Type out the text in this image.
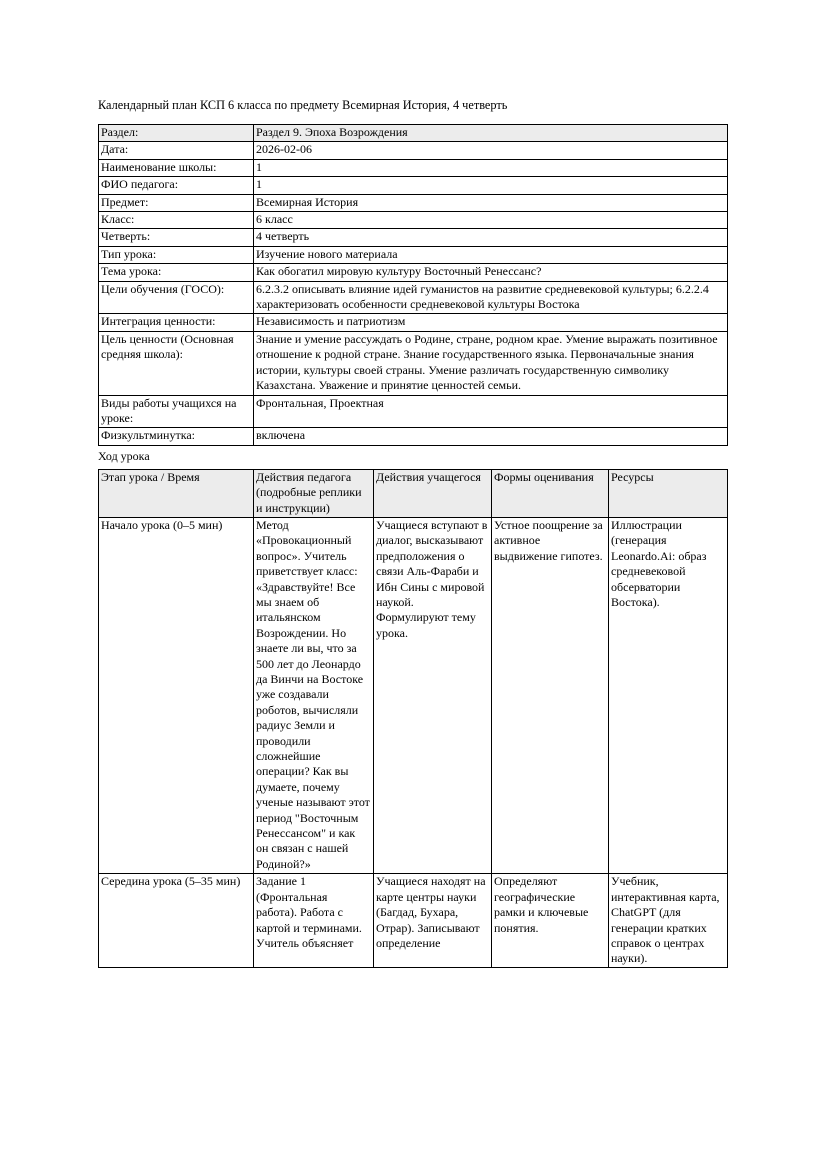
Календарный план КСП 6 класса по предмету Всемирная История, 4 четверть

Раздел:	Раздел 9. Эпоха Возрождения
Дата:	2026-02-06
Наименование школы:	1
ФИО педагога:	1
Предмет:	Всемирная История
Класс:	6 класс
Четверть:	4 четверть
Тип урока:	Изучение нового материала
Тема урока:	Как обогатил мировую культуру Восточный Ренессанс?
Цели обучения (ГОСО):	6.2.3.2 описывать влияние идей гуманистов на развитие средневековой культуры; 6.2.2.4 характеризовать особенности средневековой культуры Востока
Интеграция ценности:	Независимость и патриотизм
Цель ценности (Основная средняя школа):	Знание и умение рассуждать о Родине, стране, родном крае. Умение выражать позитивное отношение к родной стране. Знание государственного языка. Первоначальные знания истории, культуры своей страны. Умение различать государственную символику Казахстана. Уважение и принятие ценностей семьи.
Виды работы учащихся на уроке:	Фронтальная, Проектная
Физкультминутка:	включена

Ход урока

Этап урока / Время	Действия педагога (подробные реплики и инструкции)	Действия учащегося	Формы оценивания	Ресурсы
Начало урока (0–5 мин)	Метод «Провокационный вопрос». Учитель приветствует класс: «Здравствуйте! Все мы знаем об итальянском Возрождении. Но знаете ли вы, что за 500 лет до Леонардо да Винчи на Востоке уже создавали роботов, вычисляли радиус Земли и проводили сложнейшие операции? Как вы думаете, почему ученые называют этот период "Восточным Ренессансом" и как он связан с нашей Родиной?»	Учащиеся вступают в диалог, высказывают предположения о связи Аль-Фараби и Ибн Сины с мировой наукой. Формулируют тему урока.	Устное поощрение за активное выдвижение гипотез.	Иллюстрации (генерация Leonardo.Ai: образ средневековой обсерватории Востока).

Середина урока (5–35 мин)	Задание 1 (Фронтальная работа). Работа с картой и терминами. Учитель объясняет	Учащиеся находят на карте центры науки (Багдад, Бухара, Отрар). Записывают определение	Определяют географические рамки и ключевые понятия.	Учебник, интерактивная карта, ChatGPT (для генерации кратких справок о центрах науки).
